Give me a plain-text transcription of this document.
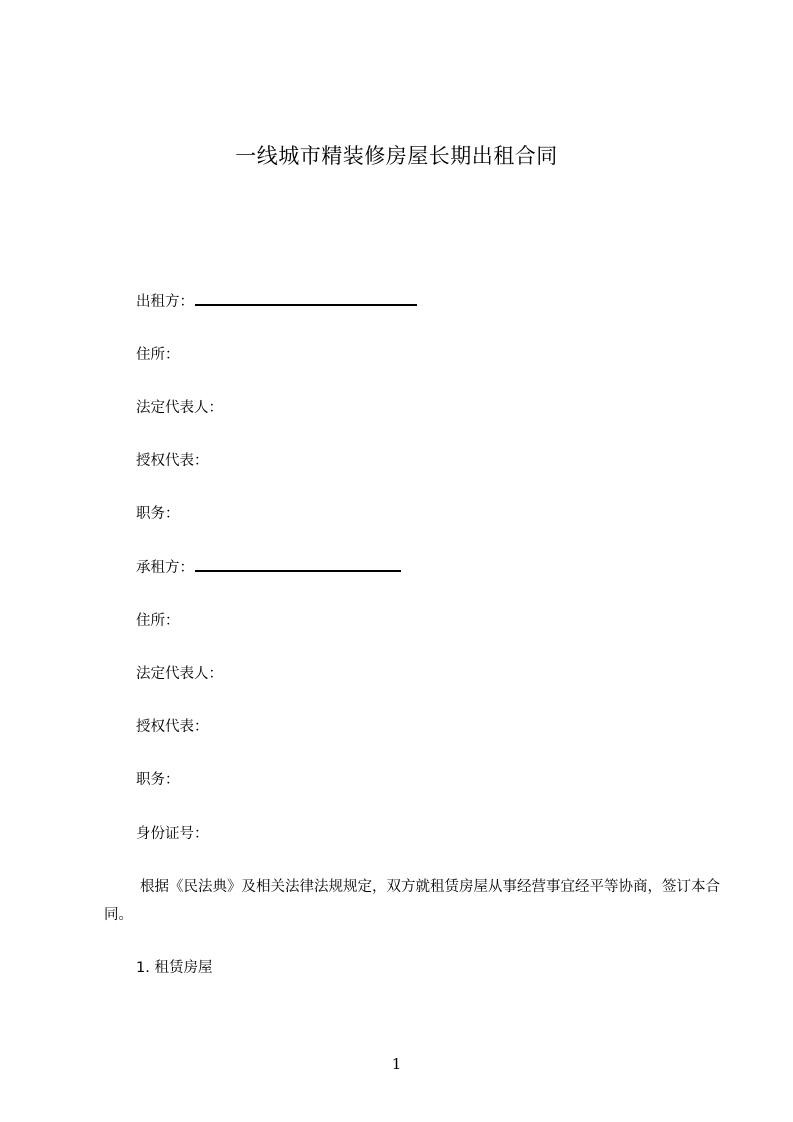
一线城市精装修房屋长期出租合同
出租方：
住所：
法定代表人：
授权代表：
职务：
承租方：
住所：
法定代表人：
授权代表：
职务：
身份证号：
根据《民法典》及相关法律法规规定，双方就租赁房屋从事经营事宜经平等协商，签订本合同。
1. 租赁房屋
1
